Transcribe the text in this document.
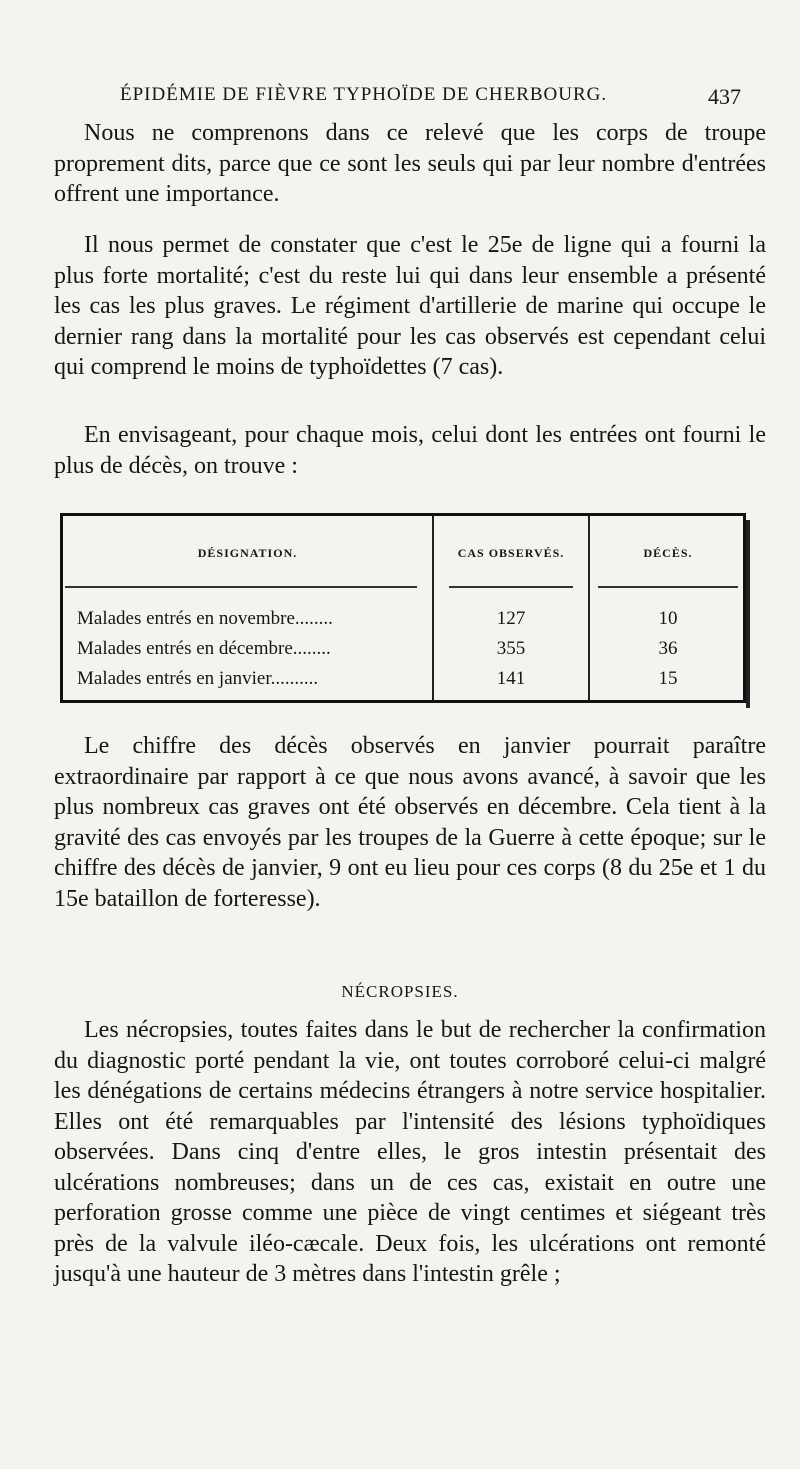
ÉPIDÉMIE DE FIÈVRE TYPHOÏDE DE CHERBOURG.	437

Nous ne comprenons dans ce relevé que les corps de troupe proprement dits, parce que ce sont les seuls qui par leur nombre d'entrées offrent une importance.

Il nous permet de constater que c'est le 25e de ligne qui a fourni la plus forte mortalité; c'est du reste lui qui dans leur ensemble a présenté les cas les plus graves. Le régiment d'artillerie de marine qui occupe le dernier rang dans la mortalité pour les cas observés est cependant celui qui comprend le moins de typhoïdettes (7 cas).

En envisageant, pour chaque mois, celui dont les entrées ont fourni le plus de décès, on trouve :

DÉSIGNATION.	CAS OBSERVÉS.	DÉCÈS.
Malades entrés en novembre........	127	10
Malades entrés en décembre........	355	36
Malades entrés en janvier..........	141	15

Le chiffre des décès observés en janvier pourrait paraître extraordinaire par rapport à ce que nous avons avancé, à savoir que les plus nombreux cas graves ont été observés en décembre. Cela tient à la gravité des cas envoyés par les troupes de la Guerre à cette époque; sur le chiffre des décès de janvier, 9 ont eu lieu pour ces corps (8 du 25e et 1 du 15e bataillon de forteresse).

NÉCROPSIES.

Les nécropsies, toutes faites dans le but de rechercher la confirmation du diagnostic porté pendant la vie, ont toutes corroboré celui-ci malgré les dénégations de certains médecins étrangers à notre service hospitalier. Elles ont été remarquables par l'intensité des lésions typhoïdiques observées. Dans cinq d'entre elles, le gros intestin présentait des ulcérations nombreuses; dans un de ces cas, existait en outre une perforation grosse comme une pièce de vingt centimes et siégeant très près de la valvule iléo-cæcale. Deux fois, les ulcérations ont remonté jusqu'à une hauteur de 3 mètres dans l'intestin grêle ;
